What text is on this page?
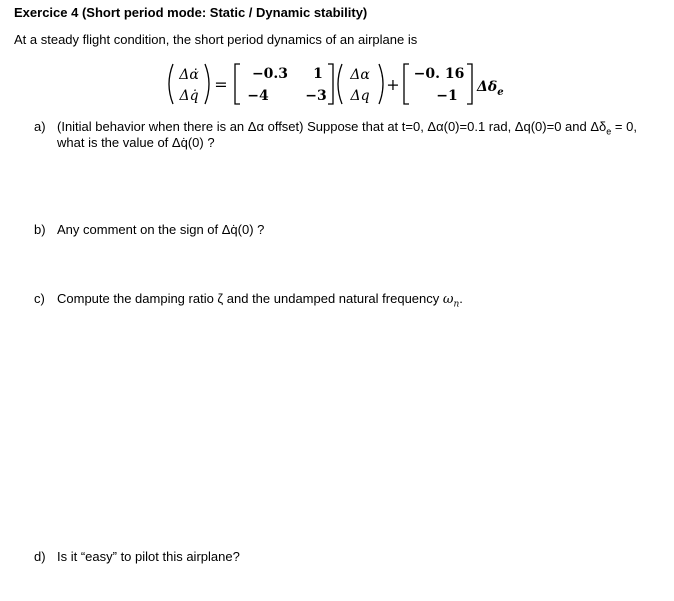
Exercice 4 (Short period mode: Static / Dynamic stability)
At a steady flight condition, the short period dynamics of an airplane is
Δα̇
Δq̇
=
−0.3 1
−4	−3
Δα
Δq
+
−0. 16
−1
$\Delta\delta_e$
a) (Initial behavior when there is an Δα offset) Suppose that at t=0, Δα(0)=0.1 rad, Δq(0)=0 and $\Delta\delta_e = 0$,
what is the value of Δq̇(0) ?
b) Any comment on the sign of Δq̇(0) ?
c) Compute the damping ratio ζ and the undamped natural frequency $\omega_n$.
d) Is it “easy” to pilot this airplane?
